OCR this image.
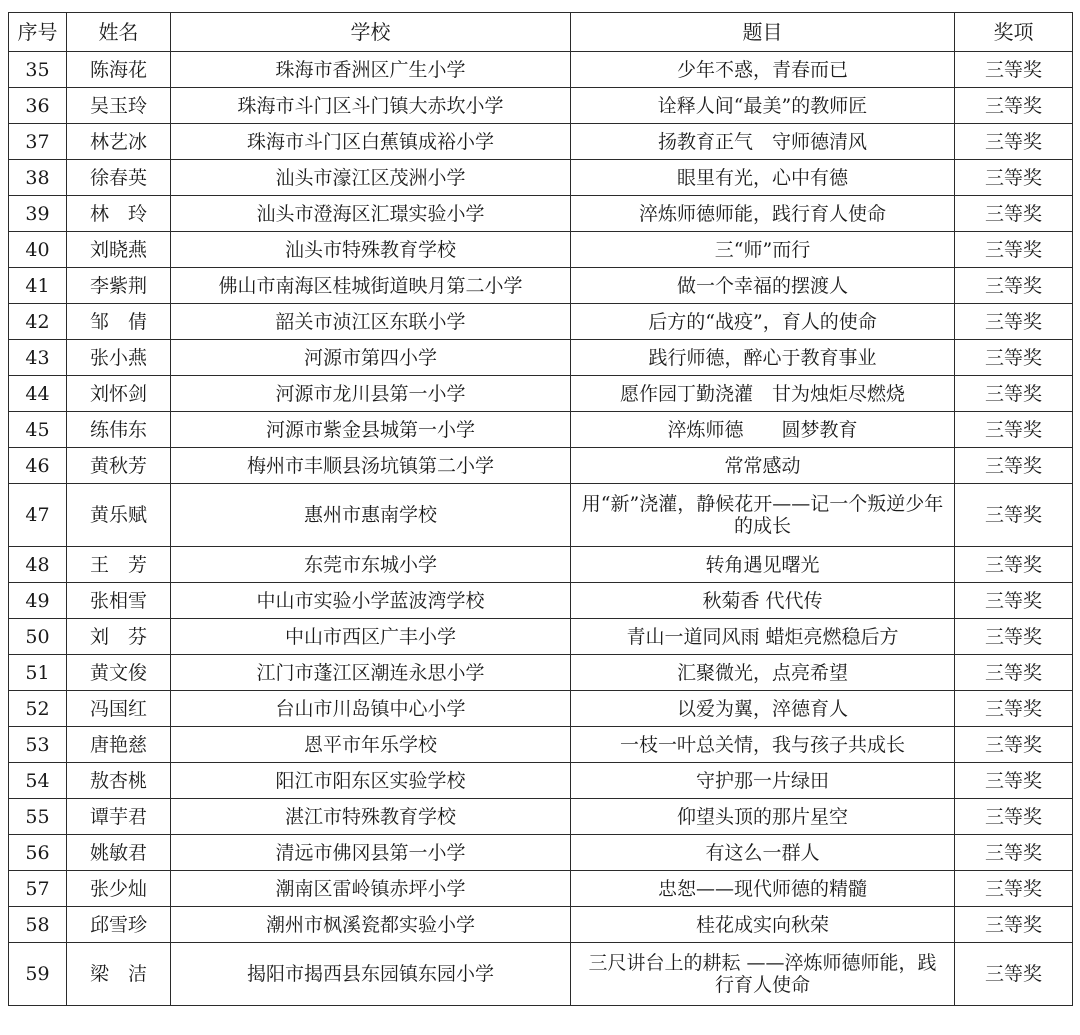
序号	姓名	学校	题目	奖项
35	陈海花	珠海市香洲区广生小学	少年不惑，青春而已	三等奖
36	吴玉玲	珠海市斗门区斗门镇大赤坎小学	诠释人间“最美”的教师匠	三等奖
37	林艺冰	珠海市斗门区白蕉镇成裕小学	扬教育正气　守师德清风	三等奖
38	徐春英	汕头市濠江区茂洲小学	眼里有光，心中有德	三等奖
39	林　玲	汕头市澄海区汇璟实验小学	淬炼师德师能，践行育人使命	三等奖
40	刘晓燕	汕头市特殊教育学校	三“师”而行	三等奖
41	李紫荆	佛山市南海区桂城街道映月第二小学	做一个幸福的摆渡人	三等奖
42	邹　倩	韶关市浈江区东联小学	后方的“战疫”，育人的使命	三等奖
43	张小燕	河源市第四小学	践行师德，醉心于教育事业	三等奖
44	刘怀剑	河源市龙川县第一小学	愿作园丁勤浇灌　甘为烛炬尽燃烧	三等奖
45	练伟东	河源市紫金县城第一小学	淬炼师德　　圆梦教育	三等奖
46	黄秋芳	梅州市丰顺县汤坑镇第二小学	常常感动	三等奖
47	黄乐赋	惠州市惠南学校	用“新”浇灌，静候花开——记一个叛逆少年的成长	三等奖
48	王　芳	东莞市东城小学	转角遇见曙光	三等奖
49	张相雪	中山市实验小学蓝波湾学校	秋菊香 代代传	三等奖
50	刘　芬	中山市西区广丰小学	青山一道同风雨 蜡炬亮燃稳后方	三等奖
51	黄文俊	江门市蓬江区潮连永思小学	汇聚微光，点亮希望	三等奖
52	冯国红	台山市川岛镇中心小学	以爱为翼，淬德育人	三等奖
53	唐艳慈	恩平市年乐学校	一枝一叶总关情，我与孩子共成长	三等奖
54	敖杏桃	阳江市阳东区实验学校	守护那一片绿田	三等奖
55	谭芋君	湛江市特殊教育学校	仰望头顶的那片星空	三等奖
56	姚敏君	清远市佛冈县第一小学	有这么一群人	三等奖
57	张少灿	潮南区雷岭镇赤坪小学	忠恕——现代师德的精髓	三等奖
58	邱雪珍	潮州市枫溪瓷都实验小学	桂花成实向秋荣	三等奖
59	梁　洁	揭阳市揭西县东园镇东园小学	三尺讲台上的耕耘 ——淬炼师德师能，践行育人使命	三等奖
